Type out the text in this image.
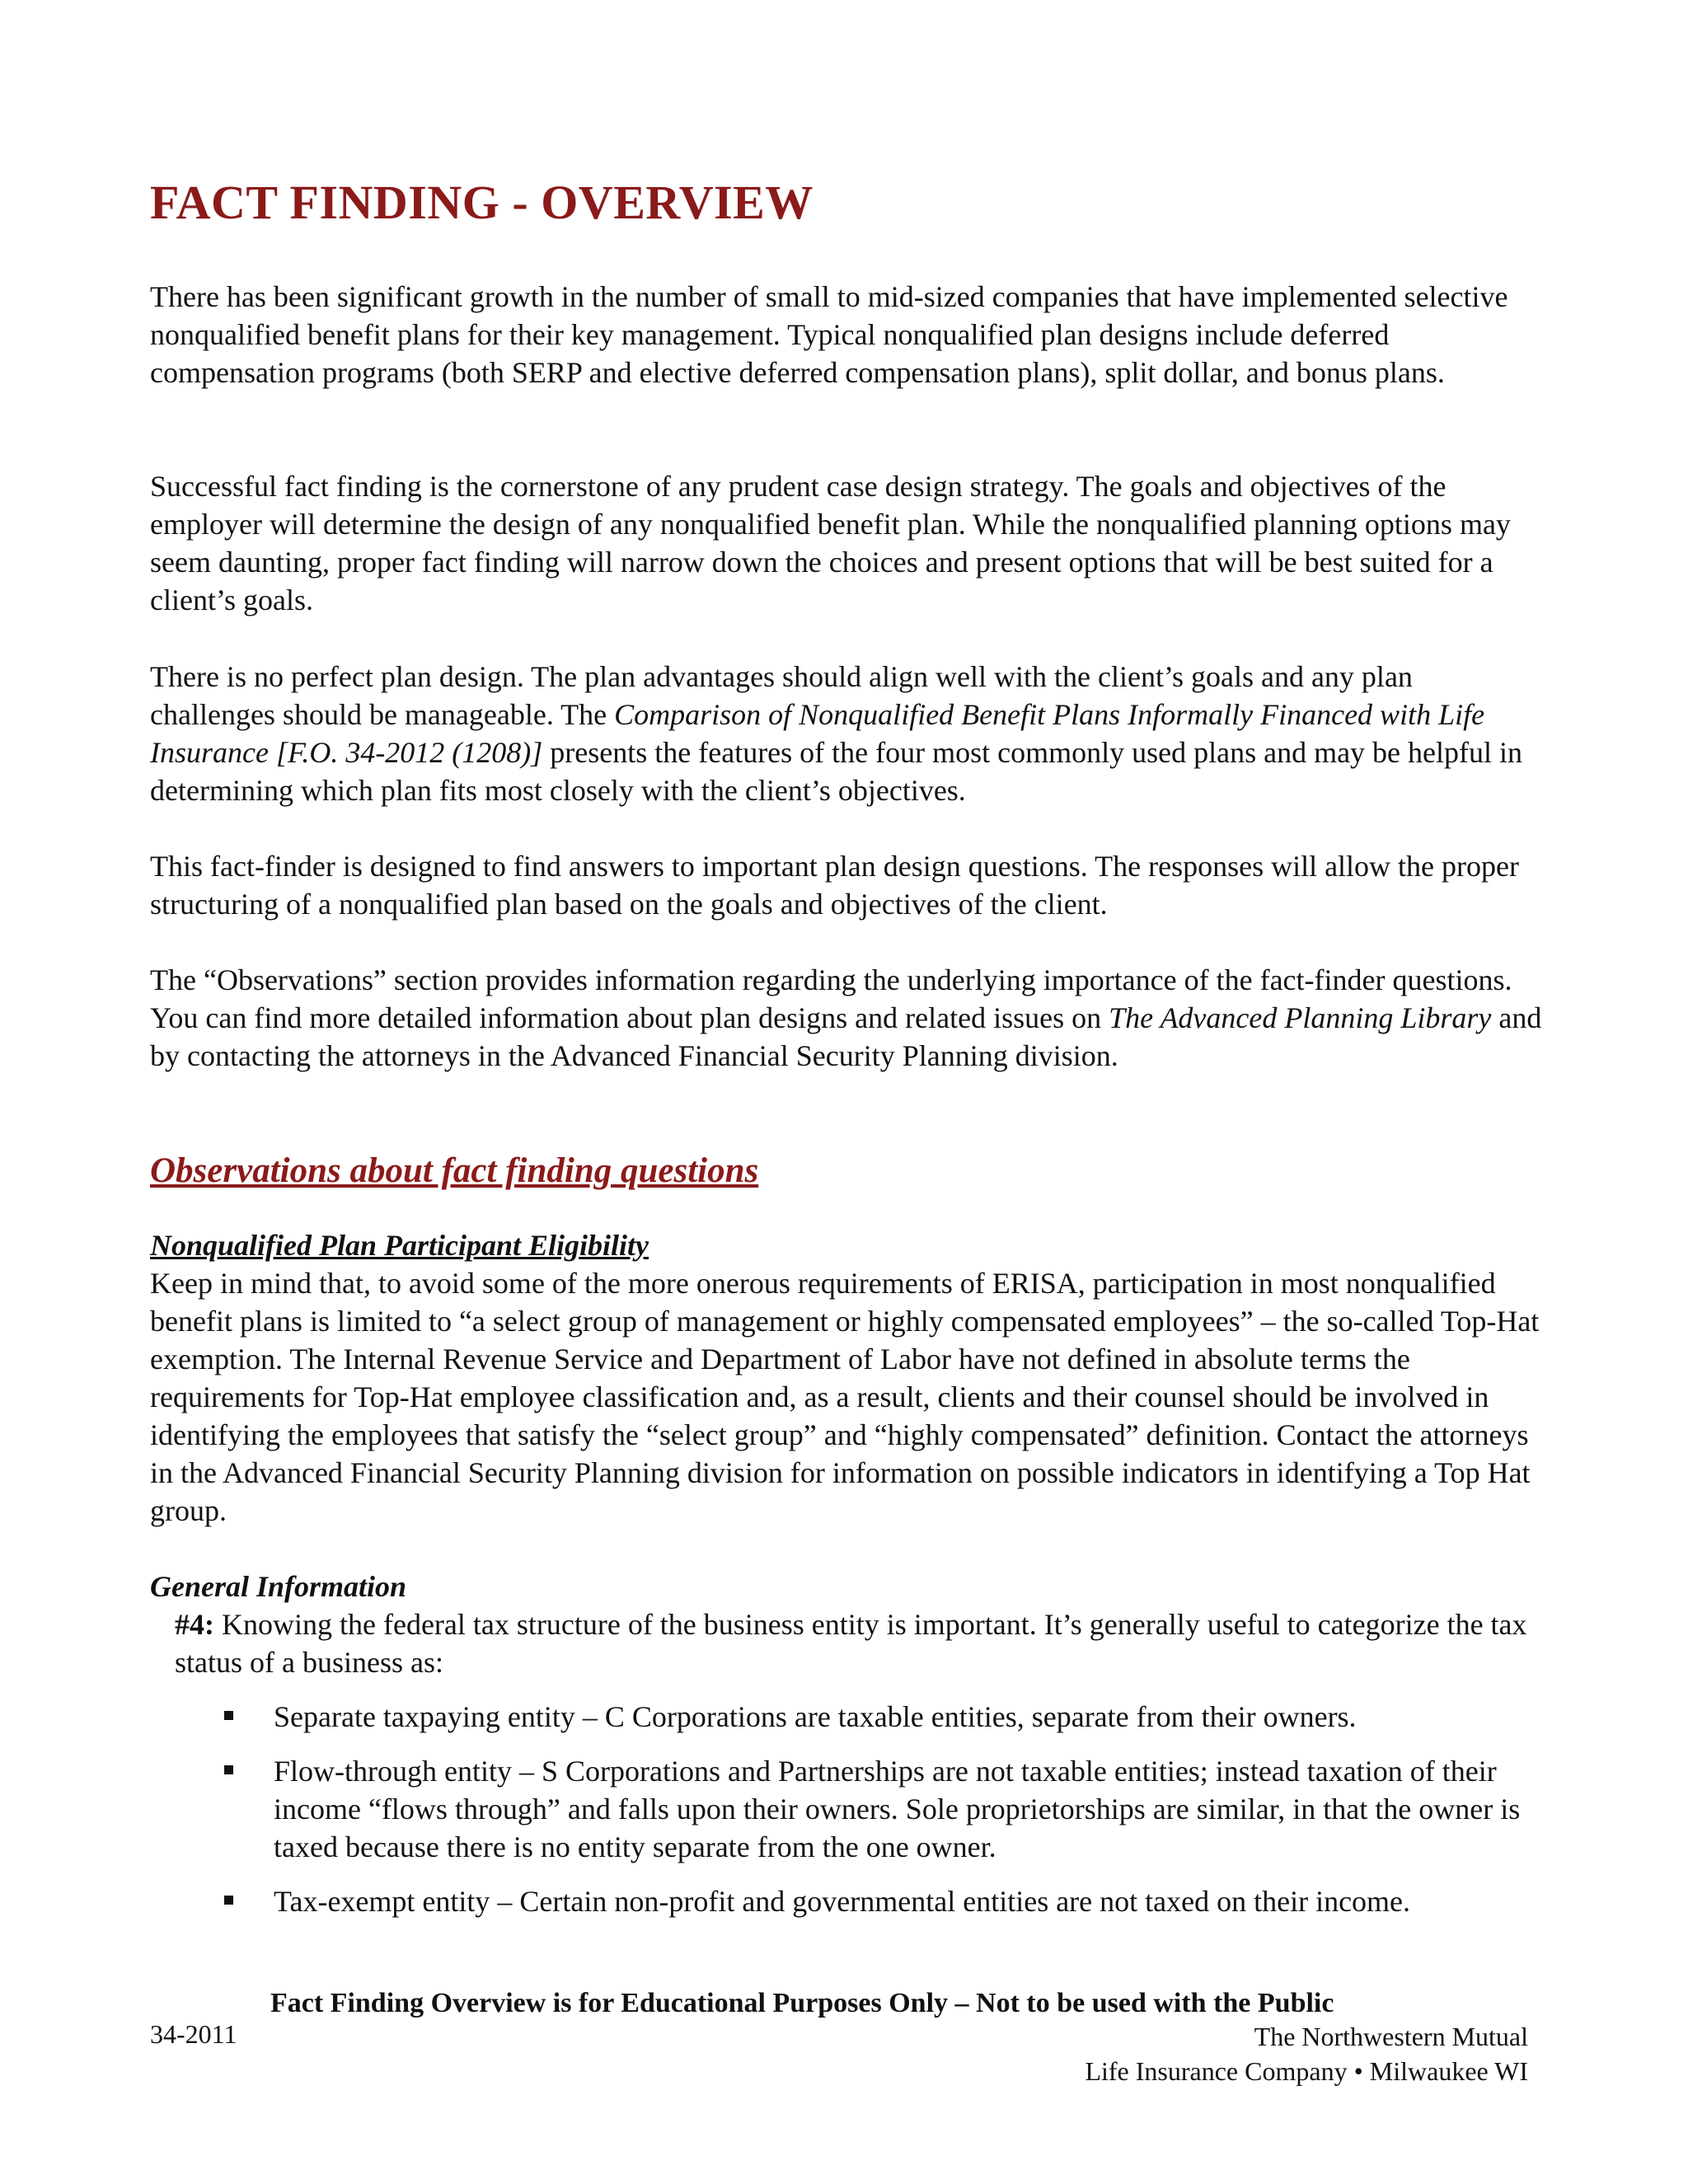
FACT FINDING - OVERVIEW

There has been significant growth in the number of small to mid-sized companies that have implemented selective nonqualified benefit plans for their key management. Typical nonqualified plan designs include deferred compensation programs (both SERP and elective deferred compensation plans), split dollar, and bonus plans.

Successful fact finding is the cornerstone of any prudent case design strategy. The goals and objectives of the employer will determine the design of any nonqualified benefit plan. While the nonqualified planning options may seem daunting, proper fact finding will narrow down the choices and present options that will be best suited for a client’s goals.

There is no perfect plan design. The plan advantages should align well with the client’s goals and any plan challenges should be manageable. The Comparison of Nonqualified Benefit Plans Informally Financed with Life Insurance [F.O. 34-2012 (1208)] presents the features of the four most commonly used plans and may be helpful in determining which plan fits most closely with the client’s objectives.

This fact-finder is designed to find answers to important plan design questions. The responses will allow the proper structuring of a nonqualified plan based on the goals and objectives of the client.

The “Observations” section provides information regarding the underlying importance of the fact-finder questions. You can find more detailed information about plan designs and related issues on The Advanced Planning Library and by contacting the attorneys in the Advanced Financial Security Planning division.

Observations about fact finding questions
Nonqualified Plan Participant Eligibility
Keep in mind that, to avoid some of the more onerous requirements of ERISA, participation in most nonqualified benefit plans is limited to “a select group of management or highly compensated employees” – the so-called Top-Hat exemption. The Internal Revenue Service and Department of Labor have not defined in absolute terms the requirements for Top-Hat employee classification and, as a result, clients and their counsel should be involved in identifying the employees that satisfy the “select group” and “highly compensated” definition. Contact the attorneys in the Advanced Financial Security Planning division for information on possible indicators in identifying a Top Hat group.
General Information

#4: Knowing the federal tax structure of the business entity is important. It’s generally useful to categorize the tax status of a business as:

Separate taxpaying entity – C Corporations are taxable entities, separate from their owners.
Flow-through entity – S Corporations and Partnerships are not taxable entities; instead taxation of their income “flows through” and falls upon their owners. Sole proprietorships are similar, in that the owner is taxed because there is no entity separate from the one owner.
Tax-exempt entity – Certain non-profit and governmental entities are not taxed on their income.
Fact Finding Overview is for Educational Purposes Only – Not to be used with the Public
34-2011	The Northwestern Mutual
Life Insurance Company • Milwaukee WI
